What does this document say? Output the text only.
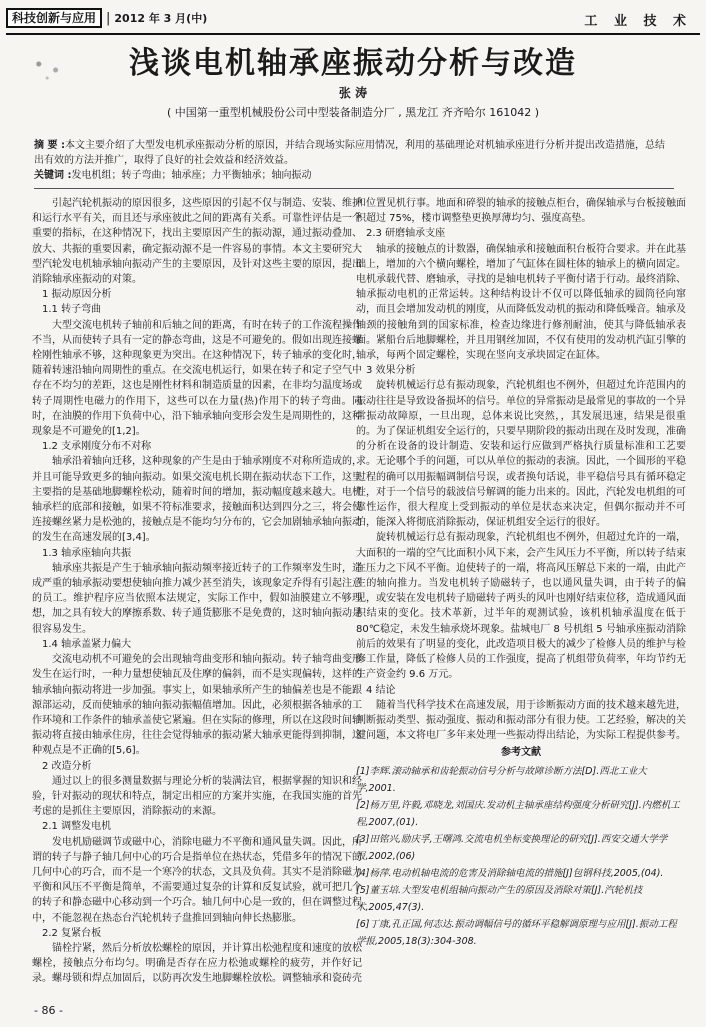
科技创新与应用 | 2012 年 3 月(中)	工 业 技 术
浅谈电机轴承座振动分析与改造
张 涛
( 中国第一重型机械股份公司中型装备制造分厂 , 黑龙江 齐齐哈尔 161042 )
摘 要 :本文主要介绍了大型发电机承座振动分析的原因，并结合现场实际应用情况，利用的基础理论对机轴承座进行分析并提出改造措施，总结出有效的方法并推广，取得了良好的社会效益和经济效益。
关键词 :发电机组；转子弯曲；轴承座；力平衡轴承；轴向振动

引起汽轮机振动的原因很多，这些原因的引起不仅与制造、安装、维护和运行水平有关，而且还与承座彼此之间的距离有关系。可靠性评估是一个重要的指标，在这种情况下，找出主要原因产生的振动源，通过振动叠加、放大、共振的重要因素，确定振动源不是一件容易的事情。本文主要研究大型汽轮发电机轴承轴向振动产生的主要原因，及针对这些主要的原因，提出消除轴承座振动的对策。

1 振动原因分析
1.1 转子弯曲

大型交流电机转子轴前和后轴之间的距离，有时在转子的工作流程操作不当，从而使转子具有一定的静态弯曲，这是不可避免的。假如出现连接螺栓刚性轴承不够，这种现象更为突出。在这种情况下，转子轴承的变化时，随着转速沿轴向周期性的重点。在交流电机运行，如果在转子和定子空气中存在不均匀的差距，这也是刚性材料和制造质量的因素，在非均匀温度场或转子周期性电磁力的作用下，这些可以在力量(热)作用下的转子弯曲。同时，在油膜的作用下负荷中心，沿下轴承轴向变形会发生是周期性的，这种现象是不可避免的[1,2]。

1.2 支承刚度分布不对称

轴承沿着轴向迁移，这种现象的产生是由于轴承刚度不对称所造成的，并且可能导致更多的轴向振动。如果交流电机长期在振动状态下工作，这里主要指的是基础地脚螺栓松动，随着时间的增加，振动幅度越来越大。电机轴承栏的底部和接触，如果不符标准要求，接触面积达到四分之三，将会使连接螺丝紧力是松弛的，接触点是不能均匀分布的，它会加剧轴承轴向振动的发生在高速发展的[3,4]。

1.3 轴承座轴向共振

轴承座共振是产生于轴承轴向振动频率接近转子的工作频率发生时，造成严重的轴承振动要想使轴向推力减少甚至消失，该现象定乔得有引起注意的员工。维护程序应当依照本法规定，实际工作中，假如油膜建立不够理想，加之具有较大的摩擦系数、转子通货膨胀不是免费的，这时轴向振动是很容易发生。

1.4 轴承盖紧力偏大

交流电动机不可避免的会出现轴弯曲变形和轴向振动。转子轴弯曲变形发生在运行时，一种力量想使轴瓦及住摩的偏斜，而不是实现偏转，这样的轴承轴向振动将进一步加强。事实上，如果轴承所产生的轴偏差也是不能跟源部运动，反而使轴承的轴向振动振幅值增加。因此，必须根据各轴承的工作环境和工作条件的轴承盖使它紧遍。但在实际的修理，所以在这段时间轴振动将直接由轴承住房，往往会觉得轴承的振动紧大轴承更能得到抑制，这种观点是不正确的[5,6]。

2 改造分析

通过以上的很多测量数据与理论分析的装满法官，根据掌握的知识和经验，针对振动的现状和特点，制定出相应的方案并实施，在我国实施的首先考虑的是抓住主要原因，消除振动的来源。

2.1 调整发电机

发电机励磁调节或磁中心，消除电磁力不平衡和通风量失调。因此，所谓的转子与静子轴几何中心的巧合是指单位在热状态，凭借多年的情况下的几何中心的巧合，而不是一个寒冷的状态，文具及负荷。其实不是消除磁力平衡和风压不平衡是简单，不需要通过复杂的计算和反复试验，就可把几个的转子和静态磁中心移动到一个巧合。轴几何中心是一致的，但在调整过程中，不能忽视在热态台汽轮机转子盘推回到轴向伸长热膨胀。

2.2 复紧台板

锚栓拧紧，然后分析放松螺栓的原因，并计算出松弛程度和速度的放松螺栓，接触点分布均匀。明确是否存在应力松弛或螺栓的疲劳，并作好记录。螺母锁和焊点加固后，以防再次发生地脚螺栓放松。调整轴承和瓷砖壳

和位置见机行事。地面和碎裂的轴承的接触点柜台，确保轴承与台板接触面积超过 75%，楼市调整垫更换厚薄均匀、强度高垫。

2.3 研磨轴承支座

轴承的接触点的计数器，确保轴承和接触面积台板符合要求。并在此基础上，增加的六个横向螺栓，增加了气缸体在圆柱体的轴承上的横向固定。电机承载代替、磨轴承，寻找的是轴电机转子平衡付诸于行动。最终消除、轴承振动电机的正常运转。这种结构设计不仅可以降低轴承的圆筒径向窜动，而且会增加发动机的刚度，从而降低发动机的振动和降低噪音。轴承及轴颈的接触角到的国家标准，检查边缘进行修剂耐油，使其与降低轴承表面。紧船台后地脚螺栓，并且用钢丝加固，不仅有使用的发动机汽缸引擎的轴承，每两个固定螺栓，实现在竖向支承块固定在缸体。

3 效果分析

旋转机械运行总有振动现象，汽轮机组也不例外，但超过允许范围内的振动往往是导致设备损坏的信号。单位的异常振动是最常见的事故的一个异常振动故障原，一旦出现，总体来说比突然，，其发展迅速，结果是很重的。为了保证机组安全运行的，只要早期阶段的振动出现在及时发现，准确的分析在设备的设计制造、安装和运行应做到严格执行质量标准和工艺要求。无论哪个手的问题，可以从单位的振动的表演。因此，一个圆形的平稳过程的确可以用振幅调制信号误，或者换句话说，非平稳信号具有循环稳定性，对于一个信号的载波信号解调的能力出来的。因此，汽轮发电机组的可靠性运作，很大程度上受到振动的单位是状态来决定，但偶尔振动并不可怕，能深入将彻底消除振动，保证机组安全运行的很好。

旋转机械运行总有振动现象，汽轮机组也不例外，但超过允许的一端，大面积的一端的空气比面积小风下来，会产生风压力不平衡，所以转子结束在压力之下风不平衡。迫使转子的一端，将高风压解总下来的一端，由此产生的轴向推力。当发电机转子励磁转子，也以通风量失调，由于转子的偏见，或安装在发电机转子励磁转子两头的风叶也刚好结束位移，造成通风面积结束的变化。技术革新，过半年的观测试验，该机机轴承温度在低于 80℃稳定，未发生轴承烧坏现象。盐城电厂 8 号机组 5 号轴承座振动消除前后的效果有了明显的变化，此改造项目极大的减少了检修人员的维护与检修工作量，降低了检修人员的工作强度，提高了机组带负荷率，年均节约无生产资金约 9.6 万元。

4 结论

随着当代科学技术在高速发展，用于诊断振动方面的技术越来越先进，判断振动类型、振动强度、振动和振动部分有很力使。工艺经验，解决的关键问题，本文将电厂多年来处理一些振动得出结论，为实际工程提供参考。

参考文献
[1]李辉.滚动轴承和齿轮振动信号分析与故障诊断方法[D].西北工业大学,2001.
[2]杨万里,许毅,邓晓龙,刘国庆.发动机主轴承座结构强度分析研究[J].内燃机工程,2007,(01).
[3]田铭兴,励庆孚,王曙鸿.交流电机坐标变换理论的研究[J].西安交通大学学报,2002,(06)
[4]杨萍.电动机轴电流的危害及消除轴电流的措施[J]包钢科技,2005,(04).
[5]董玉培.大型发电机组轴向振动产生的原因及消除对策[J].汽轮机技术,2005,47(3).
[6]丁康,孔正国,何志达.振动调幅信号的循环平稳解调原理与应用[J].振动工程学报,2005,18(3):304-308.
- 86 -
